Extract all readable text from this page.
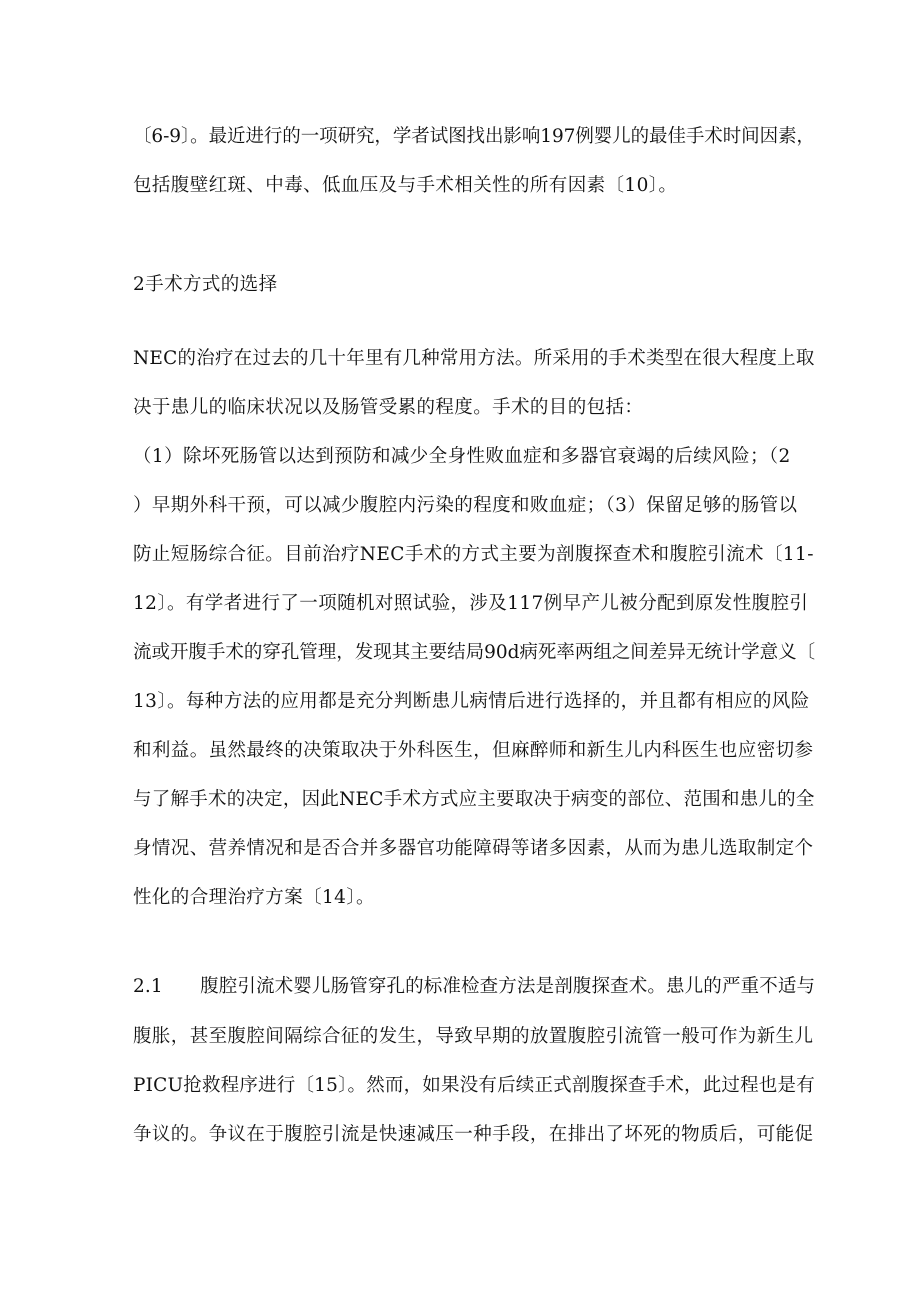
〔6-9〕。最近进行的一项研究，学者试图找出影响197例婴儿的最佳手术时间因素，
包括腹壁红斑、中毒、低血压及与手术相关性的所有因素〔10〕。
2手术方式的选择
NEC的治疗在过去的几十年里有几种常用方法。所采用的手术类型在很大程度上取
决于患儿的临床状况以及肠管受累的程度。手术的目的包括：
（1）除坏死肠管以达到预防和减少全身性败血症和多器官衰竭的后续风险；（2
）早期外科干预，可以减少腹腔内污染的程度和败血症；（3）保留足够的肠管以
防止短肠综合征。目前治疗NEC手术的方式主要为剖腹探查术和腹腔引流术〔11-
12〕。有学者进行了一项随机对照试验，涉及117例早产儿被分配到原发性腹腔引
流或开腹手术的穿孔管理，发现其主要结局90d病死率两组之间差异无统计学意义〔
13〕。每种方法的应用都是充分判断患儿病情后进行选择的，并且都有相应的风险
和利益。虽然最终的决策取决于外科医生，但麻醉师和新生儿内科医生也应密切参
与了解手术的决定，因此NEC手术方式应主要取决于病变的部位、范围和患儿的全
身情况、营养情况和是否合并多器官功能障碍等诸多因素，从而为患儿选取制定个
性化的合理治疗方案〔14〕。
2.1　　腹腔引流术婴儿肠管穿孔的标准检查方法是剖腹探查术。患儿的严重不适与
腹胀，甚至腹腔间隔综合征的发生，导致早期的放置腹腔引流管一般可作为新生儿
PICU抢救程序进行〔15〕。然而，如果没有后续正式剖腹探查手术，此过程也是有
争议的。争议在于腹腔引流是快速减压一种手段，在排出了坏死的物质后，可能促
